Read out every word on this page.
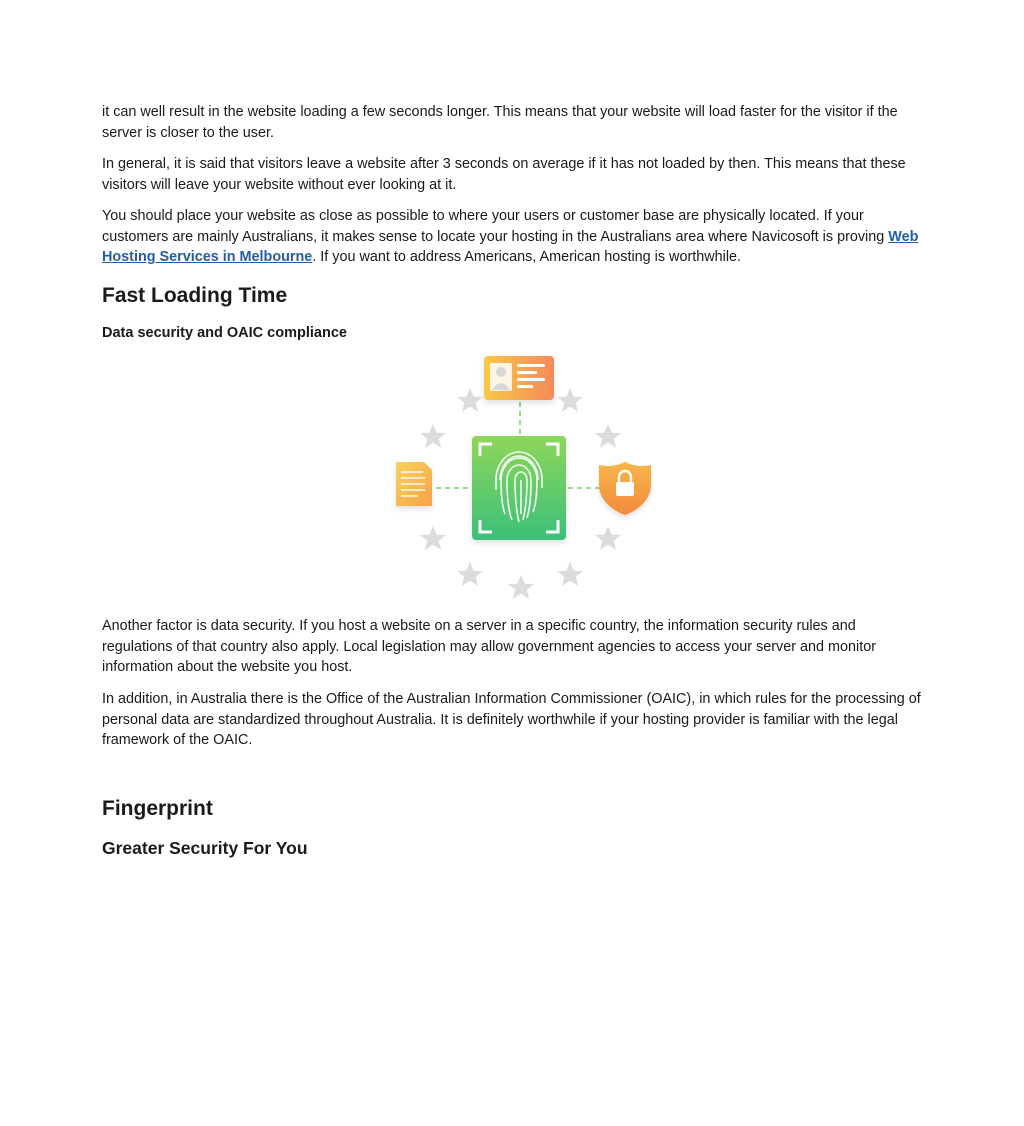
it can well result in the website loading a few seconds longer. This means that your website will load faster for the visitor if the server is closer to the user.

In general, it is said that visitors leave a website after 3 seconds on average if it has not loaded by then. This means that these visitors will leave your website without ever looking at it.

You should place your website as close as possible to where your users or customer base are physically located. If your customers are mainly Australians, it makes sense to locate your hosting in the Australians area where Navicosoft is proving Web Hosting Services in Melbourne. If you want to address Americans, American hosting is worthwhile.

Fast Loading Time
Data security and OAIC compliance

Another factor is data security. If you host a website on a server in a specific country, the information security rules and regulations of that country also apply. Local legislation may allow government agencies to access your server and monitor information about the website you host.

In addition, in Australia there is the Office of the Australian Information Commissioner (OAIC), in which rules for the processing of personal data are standardized throughout Australia. It is definitely worthwhile if your hosting provider is familiar with the legal framework of the OAIC.

Fingerprint
Greater Security For You
